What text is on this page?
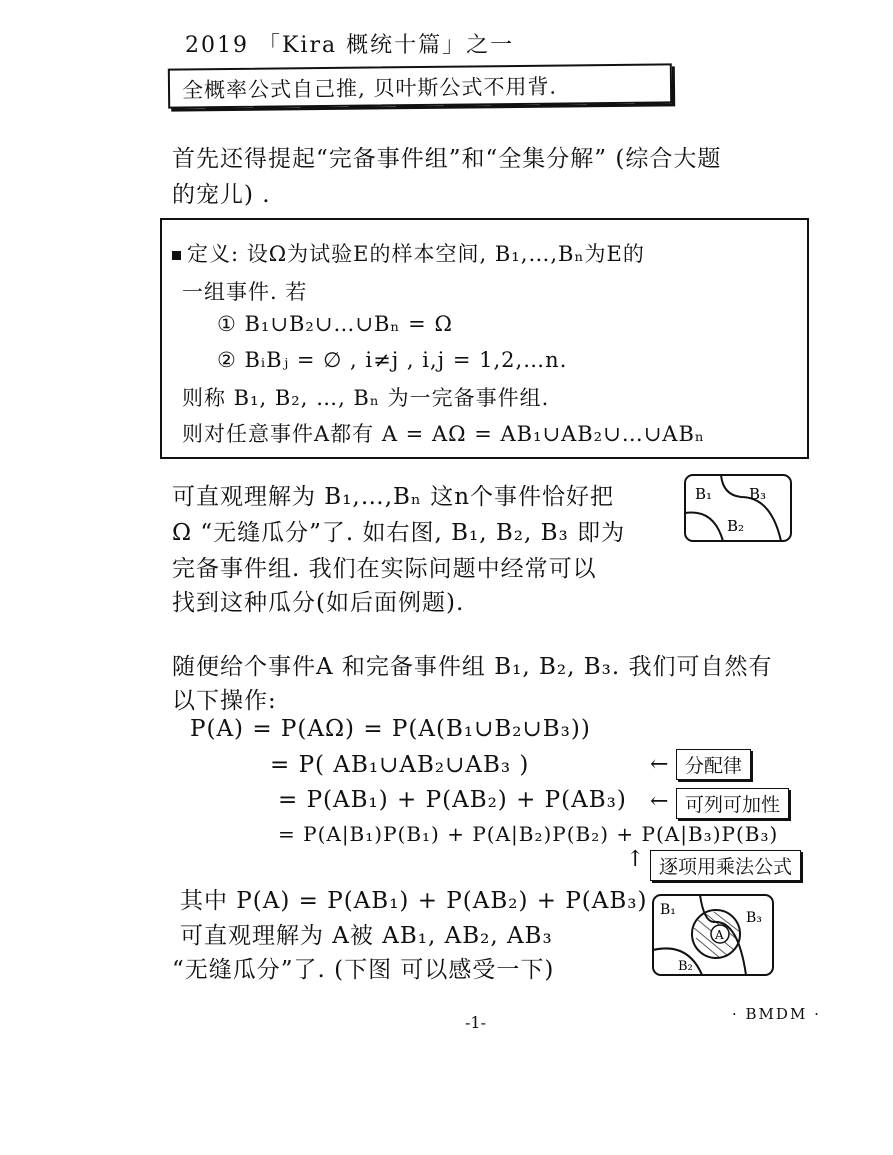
2019 「Kira 概统十篇」之一
全概率公式自己推, 贝叶斯公式不用背.
首先还得提起“完备事件组”和“全集分解” (综合大题
的宠儿) .
定义: 设Ω为试验E的样本空间, B₁,…,Bₙ为E的
一组事件. 若
① B₁∪B₂∪…∪Bₙ = Ω
② BᵢBⱼ = ∅ , i≠j , i,j = 1,2,…n.
则称 B₁, B₂, …, Bₙ 为一完备事件组.
则对任意事件A都有 A = AΩ = AB₁∪AB₂∪…∪ABₙ
可直观理解为 B₁,…,Bₙ 这n个事件恰好把
Ω “无缝瓜分”了. 如右图, B₁, B₂, B₃ 即为
完备事件组. 我们在实际问题中经常可以
找到这种瓜分(如后面例题).
B₁ B₃
B₂
随便给个事件A 和完备事件组 B₁, B₂, B₃. 我们可自然有
以下操作:
P(A) = P(AΩ) = P(A(B₁∪B₂∪B₃))
= P( AB₁∪AB₂∪AB₃ )
= P(AB₁) + P(AB₂) + P(AB₃)
= P(A|B₁)P(B₁) + P(A|B₂)P(B₂) + P(A|B₃)P(B₃)
← 分配律
← 可列可加性
↑ 逐项用乘法公式
其中 P(A) = P(AB₁) + P(AB₂) + P(AB₃)
可直观理解为 A被 AB₁, AB₂, AB₃
“无缝瓜分”了. (下图 可以感受一下)
B₁	B₃
B₂
A
-1-	· BMDM ·
